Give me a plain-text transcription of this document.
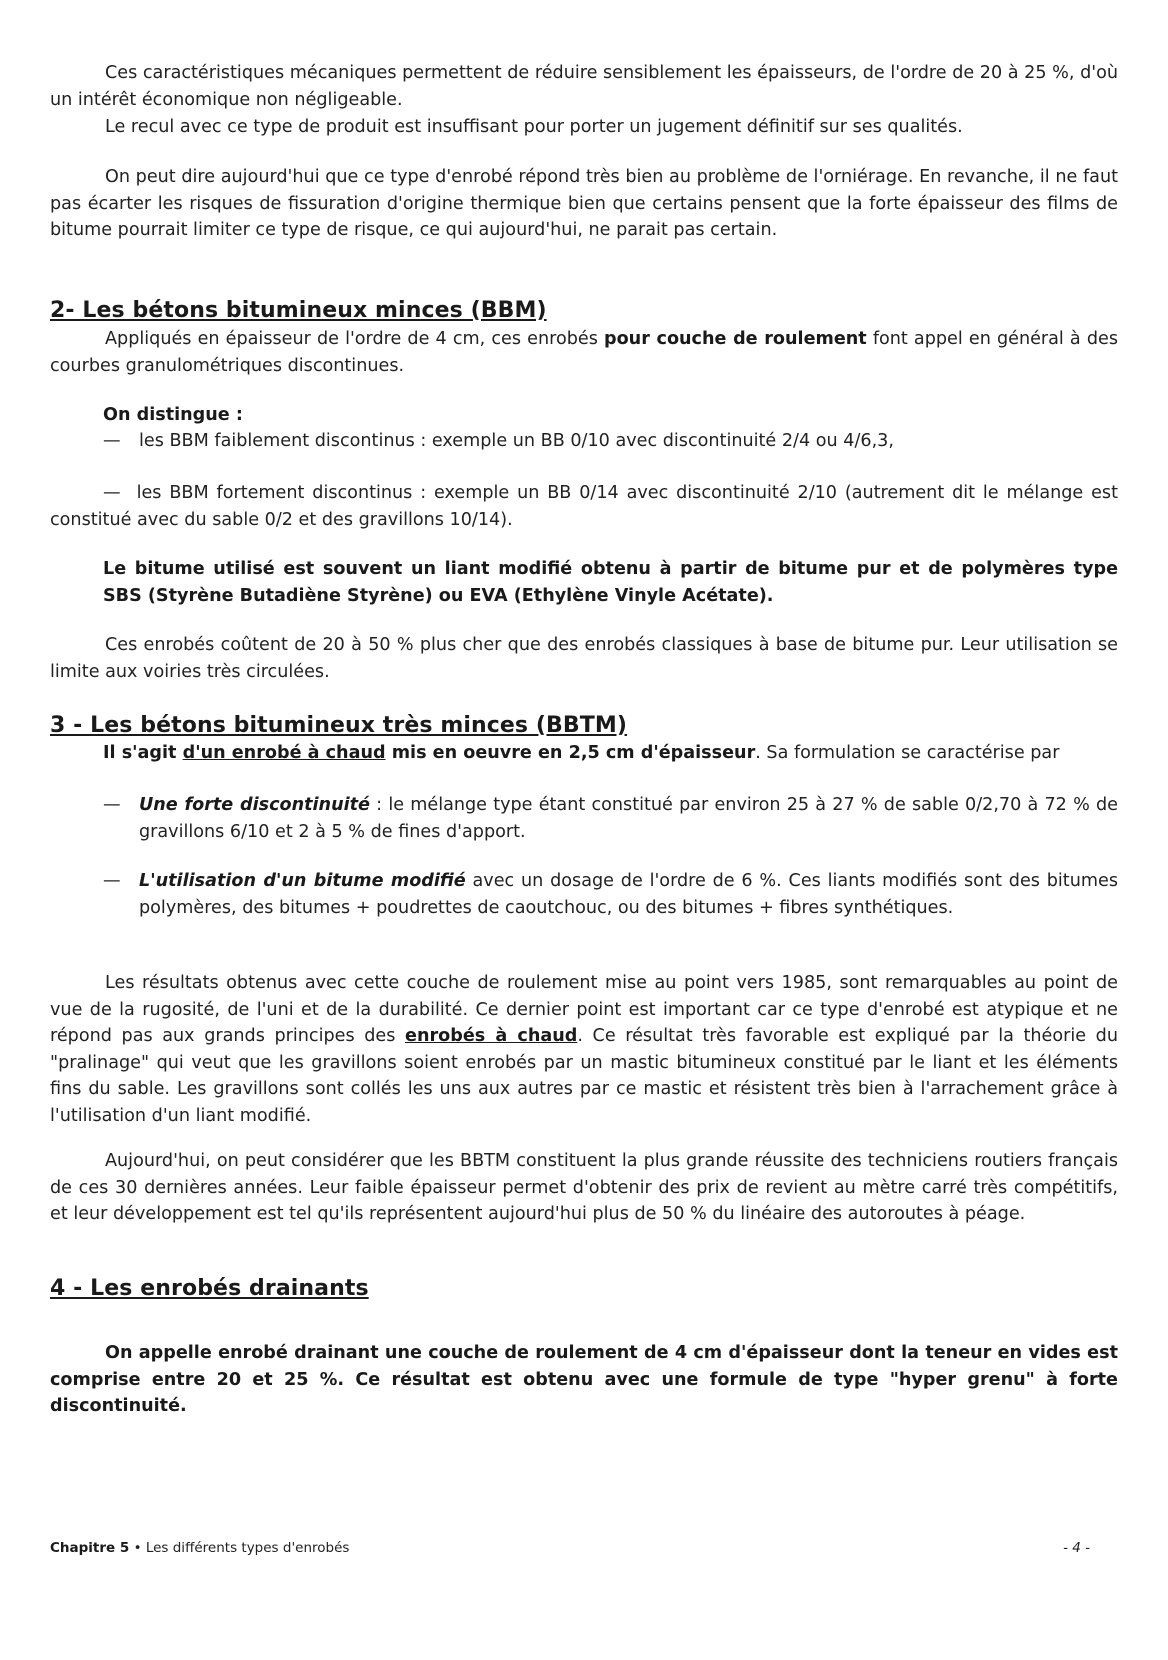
Ces caractéristiques mécaniques permettent de réduire sensiblement les épaisseurs, de l'ordre de 20 à 25 %, d'où un intérêt économique non négligeable.
Le recul avec ce type de produit est insuffisant pour porter un jugement définitif sur ses qualités.
On peut dire aujourd'hui que ce type d'enrobé répond très bien au problème de l'orniérage. En revanche, il ne faut pas écarter les risques de fissuration d'origine thermique bien que certains pensent que la forte épaisseur des films de bitume pourrait limiter ce type de risque, ce qui aujourd'hui, ne parait pas certain.
2- Les bétons bitumineux minces (BBM)
Appliqués en épaisseur de l'ordre de 4 cm, ces enrobés pour couche de roulement font appel en général à des courbes granulométriques discontinues.
On distingue :
— les BBM faiblement discontinus : exemple un BB 0/10 avec discontinuité 2/4 ou 4/6,3,
— les BBM fortement discontinus : exemple un BB 0/14 avec discontinuité 2/10 (autrement dit le mélange est constitué avec du sable 0/2 et des gravillons 10/14).
Le bitume utilisé est souvent un liant modifié obtenu à partir de bitume pur et de polymères type SBS (Styrène Butadiène Styrène) ou EVA (Ethylène Vinyle Acétate).
Ces enrobés coûtent de 20 à 50 % plus cher que des enrobés classiques à base de bitume pur. Leur utilisation se limite aux voiries très circulées.
3 - Les bétons bitumineux très minces (BBTM)
Il s'agit d'un enrobé à chaud mis en oeuvre en 2,5 cm d'épaisseur. Sa formulation se caractérise par
— Une forte discontinuité : le mélange type étant constitué par environ 25 à 27 % de sable 0/2,70 à 72 % de gravillons 6/10 et 2 à 5 % de fines d'apport.
— L'utilisation d'un bitume modifié avec un dosage de l'ordre de 6 %. Ces liants modifiés sont des bitumes polymères, des bitumes + poudrettes de caoutchouc, ou des bitumes + fibres synthétiques.
Les résultats obtenus avec cette couche de roulement mise au point vers 1985, sont remarquables au point de vue de la rugosité, de l'uni et de la durabilité. Ce dernier point est important car ce type d'enrobé est atypique et ne répond pas aux grands principes des enrobés à chaud. Ce résultat très favorable est expliqué par la théorie du "pralinage" qui veut que les gravillons soient enrobés par un mastic bitumineux constitué par le liant et les éléments fins du sable. Les gravillons sont collés les uns aux autres par ce mastic et résistent très bien à l'arrachement grâce à l'utilisation d'un liant modifié.
Aujourd'hui, on peut considérer que les BBTM constituent la plus grande réussite des techniciens routiers français de ces 30 dernières années. Leur faible épaisseur permet d'obtenir des prix de revient au mètre carré très compétitifs, et leur développement est tel qu'ils représentent aujourd'hui plus de 50 % du linéaire des autoroutes à péage.
4 - Les enrobés drainants
On appelle enrobé drainant une couche de roulement de 4 cm d'épaisseur dont la teneur en vides est comprise entre 20 et 25 %. Ce résultat est obtenu avec une formule de type "hyper grenu" à forte discontinuité.
Chapitre 5 • Les différents types d'enrobés	- 4 -
